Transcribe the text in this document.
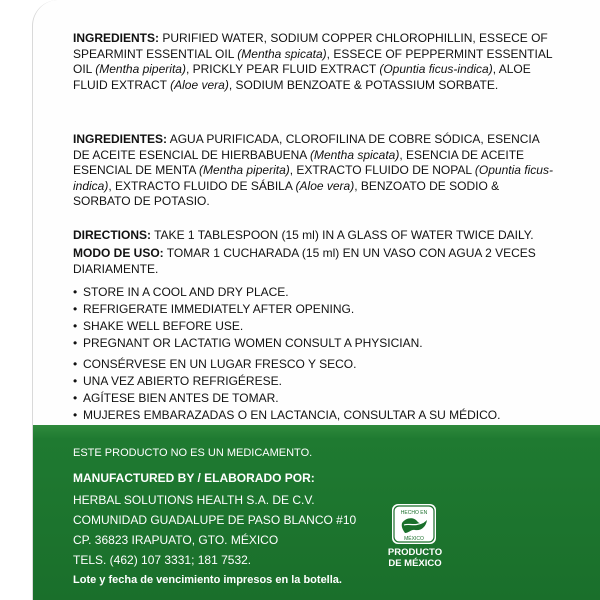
INGREDIENTS: PURIFIED WATER, SODIUM COPPER CHLOROPHILLIN, ESSECE OF SPEARMINT ESSENTIAL OIL (Mentha spicata), ESSECE OF PEPPERMINT ESSENTIAL OIL (Mentha piperita), PRICKLY PEAR FLUID EXTRACT (Opuntia ficus-indica), ALOE FLUID EXTRACT (Aloe vera), SODIUM BENZOATE & POTASSIUM SORBATE.
INGREDIENTES: AGUA PURIFICADA, CLOROFILINA DE COBRE SÓDICA, ESENCIA DE ACEITE ESENCIAL DE HIERBABUENA (Mentha spicata), ESENCIA DE ACEITE ESENCIAL DE MENTA (Mentha piperita), EXTRACTO FLUIDO DE NOPAL (Opuntia ficus-indica), EXTRACTO FLUIDO DE SÁBILA (Aloe vera), BENZOATO DE SODIO & SORBATO DE POTASIO.
DIRECTIONS: TAKE 1 TABLESPOON (15 ml) IN A GLASS OF WATER TWICE DAILY.
MODO DE USO: TOMAR 1 CUCHARADA (15 ml) EN UN VASO CON AGUA 2 VECES DIARIAMENTE.
• STORE IN A COOL AND DRY PLACE.
• REFRIGERATE IMMEDIATELY AFTER OPENING.
• SHAKE WELL BEFORE USE.
• PREGNANT OR LACTATIG WOMEN CONSULT A PHYSICIAN.
• CONSÉRVESE EN UN LUGAR FRESCO Y SECO.
• UNA VEZ ABIERTO REFRIGÉRESE.
• AGÍTESE BIEN ANTES DE TOMAR.
• MUJERES EMBARAZADAS O EN LACTANCIA, CONSULTAR A SU MÉDICO.
ESTE PRODUCTO NO ES UN MEDICAMENTO.
MANUFACTURED BY / ELABORADO POR:
HERBAL SOLUTIONS HEALTH S.A. DE C.V.
COMUNIDAD GUADALUPE DE PASO BLANCO #10
CP. 36823 IRAPUATO, GTO. MÉXICO
TELS. (462) 107 3331; 181 7532.
Lote y fecha de vencimiento impresos en la botella.
HECHO EN
MÉXICO
PRODUCTO
DE MÉXICO
